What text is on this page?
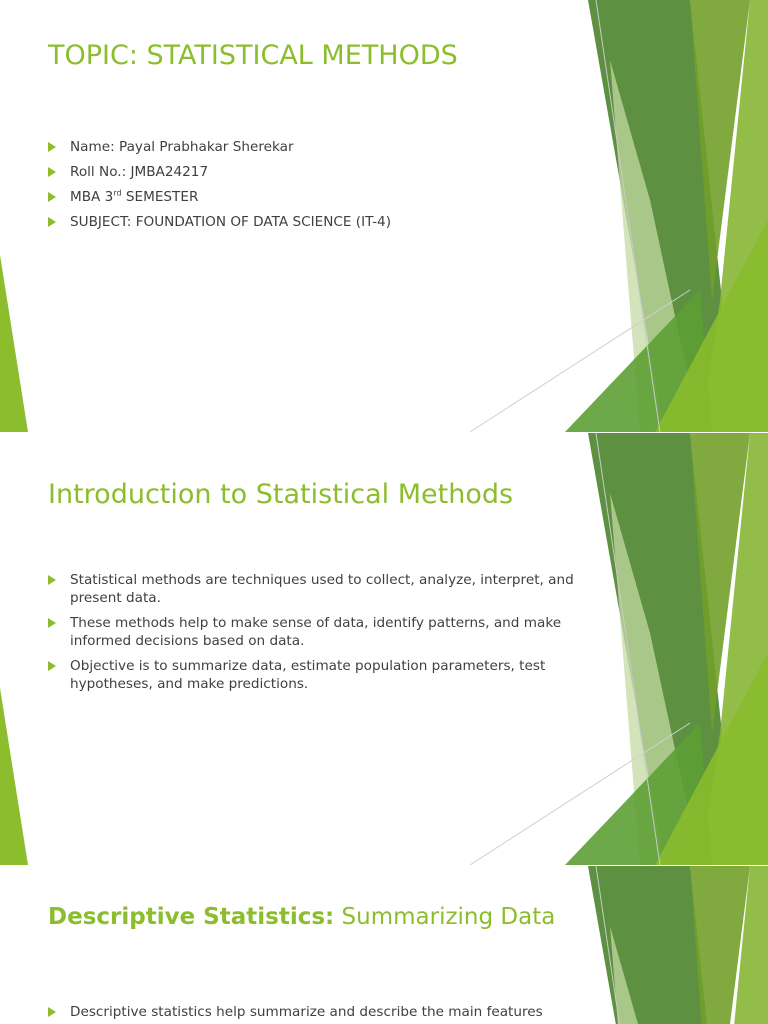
TOPIC: STATISTICAL METHODS
Name: Payal Prabhakar Sherekar
Roll No.: JMBA24217
MBA 3rd SEMESTER
SUBJECT: FOUNDATION OF DATA SCIENCE (IT-4)
Introduction to Statistical Methods
Statistical methods are techniques used to collect, analyze, interpret, and present data.
These methods help to make sense of data, identify patterns, and make informed decisions based on data.
Objective is to summarize data, estimate population parameters, test hypotheses, and make predictions.
Descriptive Statistics: Summarizing Data
Descriptive statistics help summarize and describe the main features
